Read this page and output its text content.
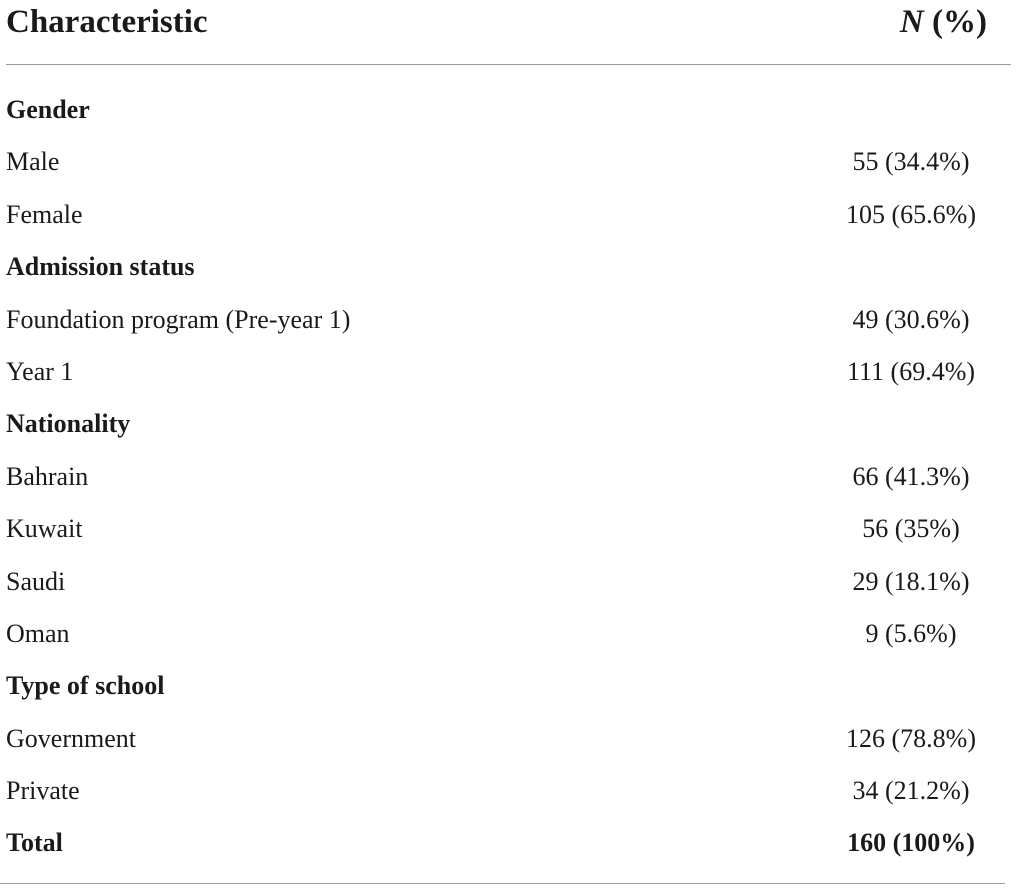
Characteristic	N (%)
Gender
Male	55 (34.4%)
Female	105 (65.6%)
Admission status
Foundation program (Pre-year 1)	49 (30.6%)
Year 1	111 (69.4%)
Nationality
Bahrain	66 (41.3%)
Kuwait	56 (35%)
Saudi	29 (18.1%)
Oman	9 (5.6%)
Type of school
Government	126 (78.8%)
Private	34 (21.2%)
Total	160 (100%)
